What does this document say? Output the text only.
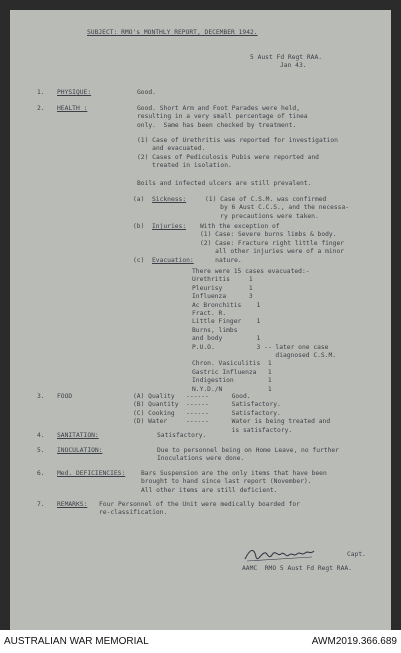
SUBJECT: RMO's MONTHLY REPORT, DECEMBER 1942.
5 Aust Fd Regt RAA.
Jan 43.
1. PHYSIQUE:	Good.
2. HEALTH :	Good. Short Arm and Foot Parades were held,
resulting in a very small percentage of tinea
only.  Same has been checked by treatment.
(1) Case of Urethritis was reported for investigation
and evacuated.
(2) Cases of Pediculosis Pubis were reported and
treated in isolation.
Boils and infected ulcers are still prevalent.
(a) Sickness:	(1) Case of C.S.M. was confirmed
by 6 Aust C.C.S., and the necessa-
ry precautions were taken.
(b) Injuries: With the exception of
(1) Case: Severe burns limbs & body.
(2) Case: Fracture right little finger
all other injuries were of a minor
nature.
(c) Evacuation:
There were 15 cases evacuated:-
Urethritis     1
Pleurisy       1
Influenza      3
Ac Bronchitis    1
Fract. R.
Little Finger    1
Burns, limbs
and body         1
P.U.O.           3 -- later one case
diagnosed C.S.M.
Chron. Vasiculitis  1
Gastric Influenza   1
Indigestion         1
N.Y.D./N            1
3. FOOD	(A) Quality   ------      Good.
(B) Quantity  ------      Satisfactory.
(C) Cooking   ------      Satisfactory.
(D) Water     ------      Water is being treated and
is satisfactory.
4. SANITATION:	Satisfactory.
5. INOCULATION:	Due to personnel being on Home Leave, no further
Inoculations were done.
6. Med. DEFICIENCIES:	Bars Suspension are the only items that have been
brought to hand since last report (November).
All other items are still deficient.
7. REMARKS: Four Personnel of the Unit were medically boarded for
re-classification.
Capt.
AAMC  RMO 5 Aust Fd Regt RAA.
AUSTRALIAN WAR MEMORIAL	AWM2019.366.689
